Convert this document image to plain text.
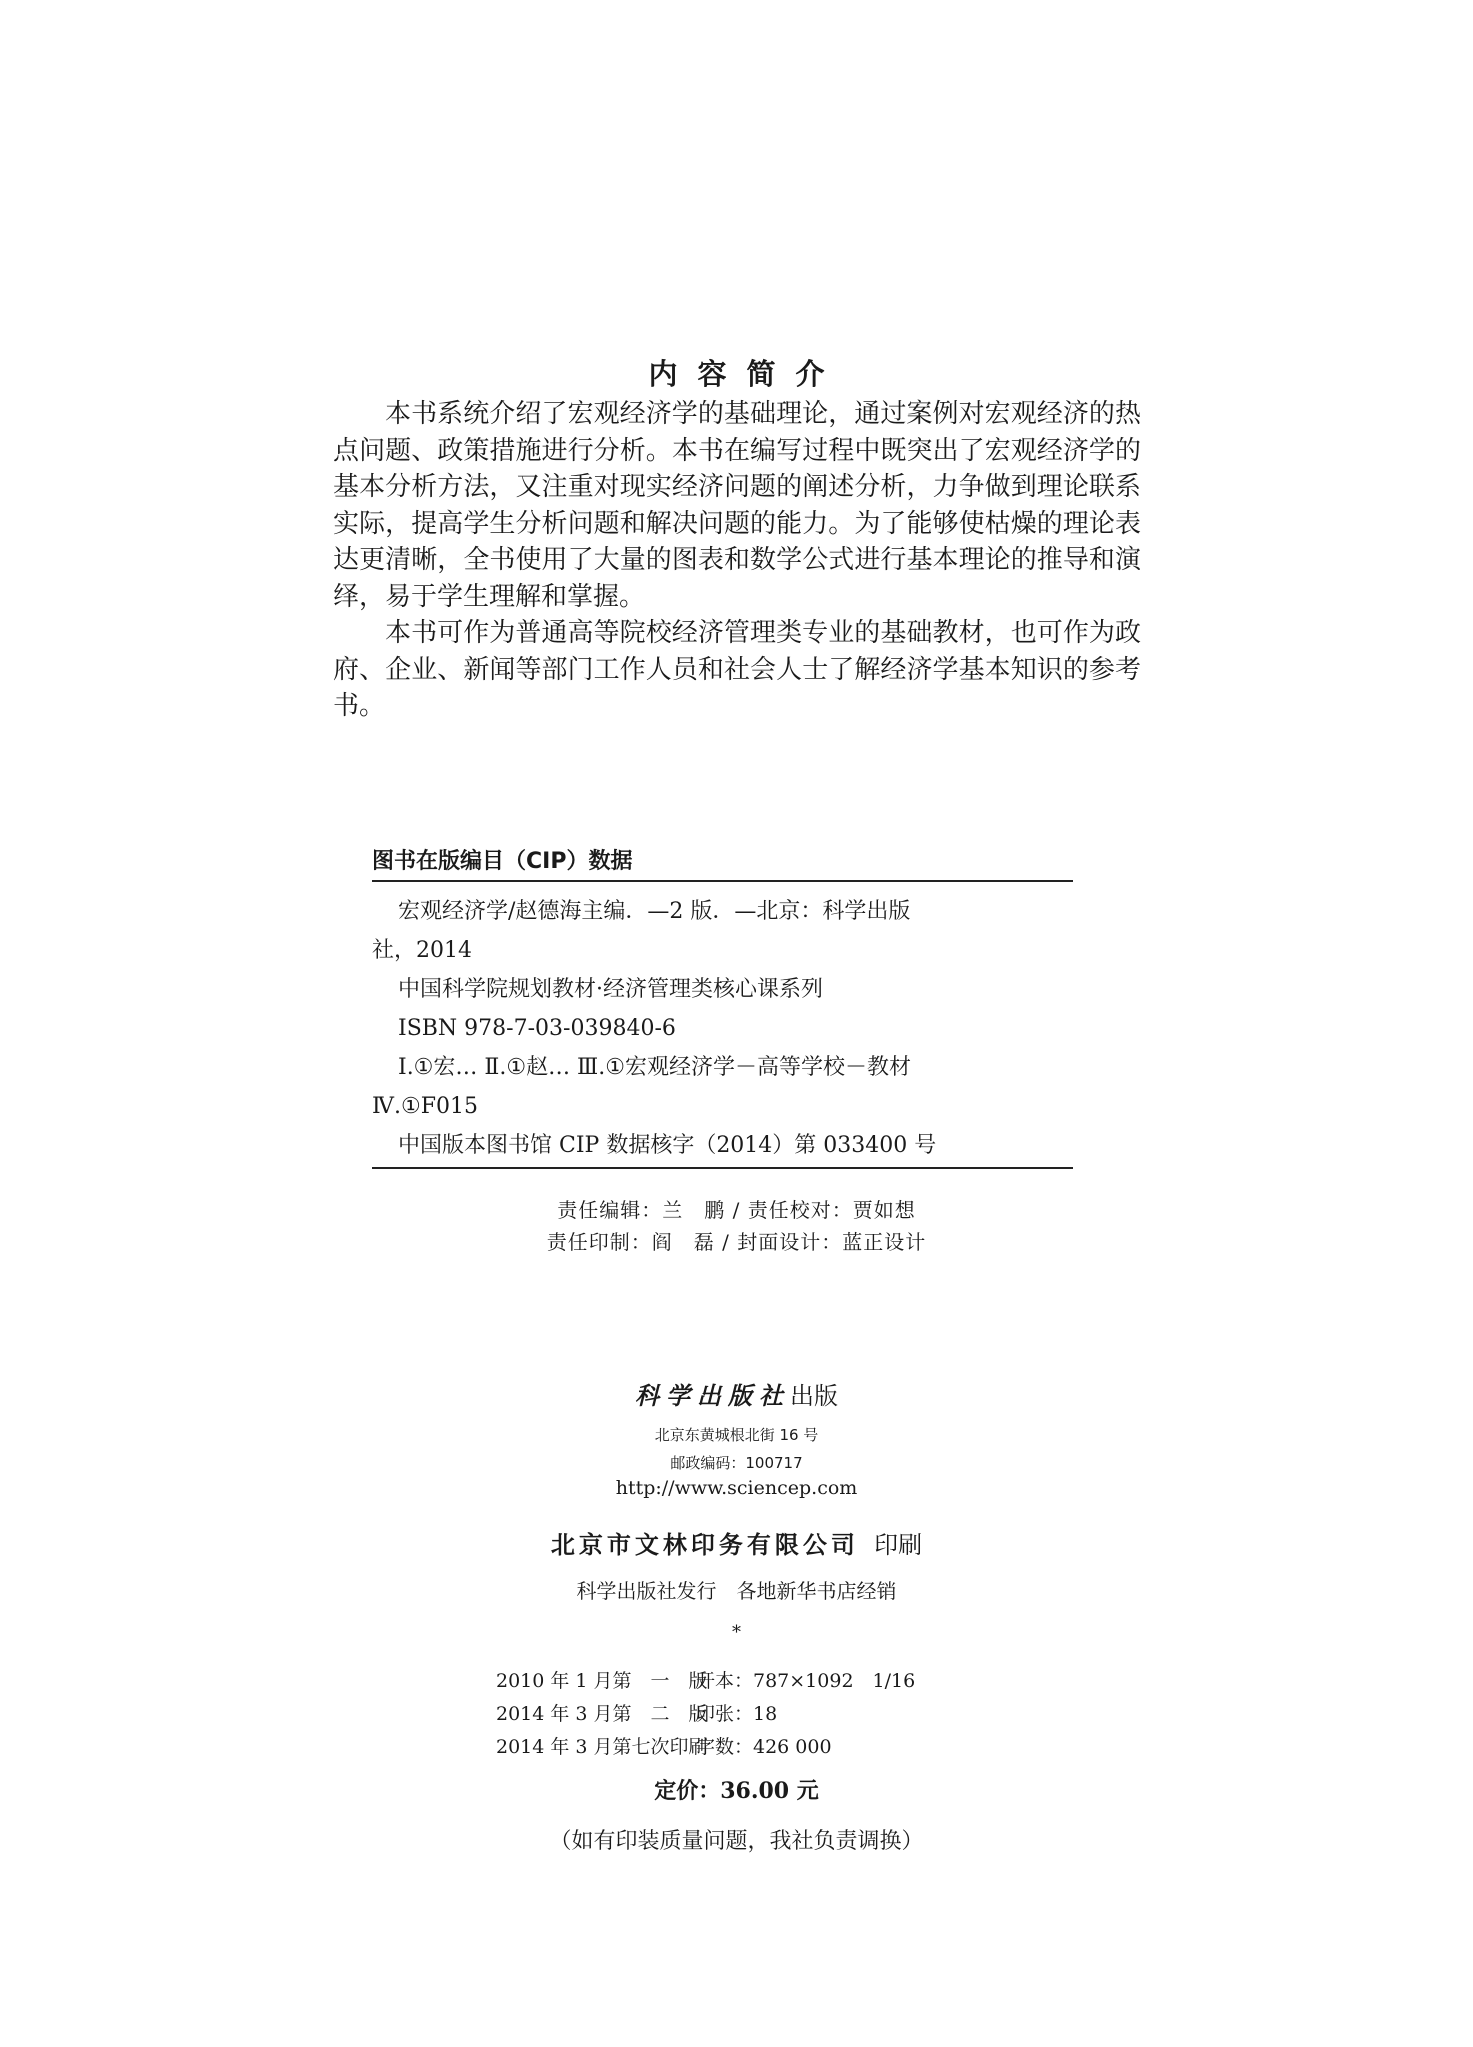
内容简介

本书系统介绍了宏观经济学的基础理论，通过案例对宏观经济的热点问题、政策措施进行分析。本书在编写过程中既突出了宏观经济学的基本分析方法，又注重对现实经济问题的阐述分析，力争做到理论联系实际，提高学生分析问题和解决问题的能力。为了能够使枯燥的理论表达更清晰，全书使用了大量的图表和数学公式进行基本理论的推导和演绎，易于学生理解和掌握。

本书可作为普通高等院校经济管理类专业的基础教材，也可作为政府、企业、新闻等部门工作人员和社会人士了解经济学基本知识的参考书。

图书在版编目（CIP）数据
宏观经济学/赵德海主编．—2 版．—北京：科学出版
社，2014
中国科学院规划教材·经济管理类核心课系列
ISBN 978-7-03-039840-6
Ⅰ.①宏… Ⅱ.①赵… Ⅲ.①宏观经济学－高等学校－教材
Ⅳ.①F015
中国版本图书馆 CIP 数据核字（2014）第 033400 号
责任编辑：兰　鹏 / 责任校对：贾如想
责任印制：阎　磊 / 封面设计：蓝正设计
科学出版社出版
北京东黄城根北街 16 号
邮政编码：100717
http://www.sciencep.com
北京市文林印务有限公司 印刷
科学出版社发行　各地新华书店经销
*
2010 年 1 月第　一　版开本：787×1092　1/16
2014 年 3 月第　二　版印张：18
2014 年 3 月第七次印刷字数：426 000
定价：36.00 元
（如有印装质量问题，我社负责调换）
